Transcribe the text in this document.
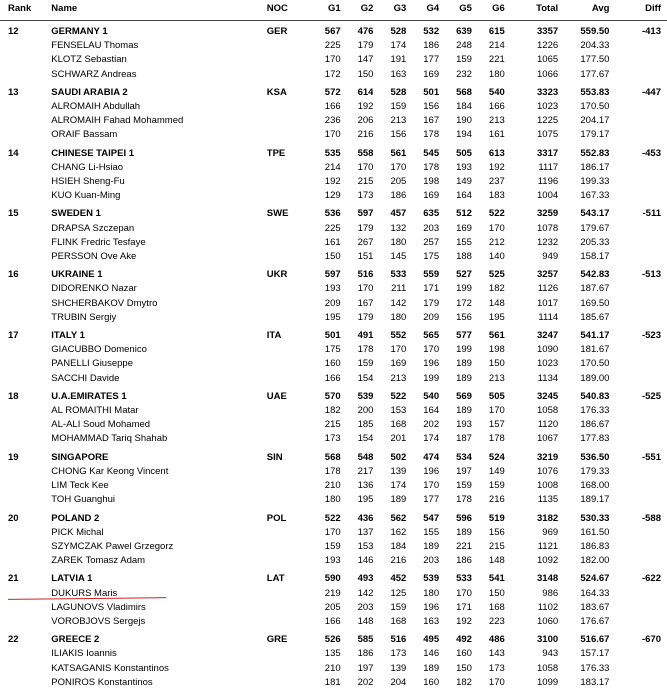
Rank	Name	NOC	G1	G2	G3	G4	G5	G6	Total	Avg	Diff

12	GERMANY 1	GER	567	476	528	532	639	615	3357	559.50	-413
	FENSELAU Thomas		225	179	174	186	248	214	1226	204.33	
	KLOTZ Sebastian		170	147	191	177	159	221	1065	177.50	
	SCHWARZ Andreas		172	150	163	169	232	180	1066	177.67	

13	SAUDI ARABIA 2	KSA	572	614	528	501	568	540	3323	553.83	-447
	ALROMAIH Abdullah		166	192	159	156	184	166	1023	170.50	
	ALROMAIH Fahad Mohammed		236	206	213	167	190	213	1225	204.17	
	ORAIF Bassam		170	216	156	178	194	161	1075	179.17	

14	CHINESE TAIPEI 1	TPE	535	558	561	545	505	613	3317	552.83	-453
	CHANG Li-Hsiao		214	170	170	178	193	192	1117	186.17	
	HSIEH Sheng-Fu		192	215	205	198	149	237	1196	199.33	
	KUO Kuan-Ming		129	173	186	169	164	183	1004	167.33	

15	SWEDEN 1	SWE	536	597	457	635	512	522	3259	543.17	-511
	DRAPSA Szczepan		225	179	132	203	169	170	1078	179.67	
	FLINK Fredric Tesfaye		161	267	180	257	155	212	1232	205.33	
	PERSSON Ove Ake		150	151	145	175	188	140	949	158.17	

16	UKRAINE 1	UKR	597	516	533	559	527	525	3257	542.83	-513
	DIDORENKO Nazar		193	170	211	171	199	182	1126	187.67	
	SHCHERBAKOV Dmytro		209	167	142	179	172	148	1017	169.50	
	TRUBIN Sergiy		195	179	180	209	156	195	1114	185.67	

17	ITALY 1	ITA	501	491	552	565	577	561	3247	541.17	-523
	GIACUBBO Domenico		175	178	170	170	199	198	1090	181.67	
	PANELLI Giuseppe		160	159	169	196	189	150	1023	170.50	
	SACCHI Davide		166	154	213	199	189	213	1134	189.00	

18	U.A.EMIRATES 1	UAE	570	539	522	540	569	505	3245	540.83	-525
	AL ROMAITHI Matar		182	200	153	164	189	170	1058	176.33	
	AL-ALI Soud Mohamed		215	185	168	202	193	157	1120	186.67	
	MOHAMMAD Tariq Shahab		173	154	201	174	187	178	1067	177.83	

19	SINGAPORE	SIN	568	548	502	474	534	524	3219	536.50	-551
	CHONG Kar Keong Vincent		178	217	139	196	197	149	1076	179.33	
	LIM Teck Kee		210	136	174	170	159	159	1008	168.00	
	TOH Guanghui		180	195	189	177	178	216	1135	189.17	

20	POLAND 2	POL	522	436	562	547	596	519	3182	530.33	-588
	PICK Michal		170	137	162	155	189	156	969	161.50	
	SZYMCZAK Pawel Grzegorz		159	153	184	189	221	215	1121	186.83	
	ZAREK Tomasz Adam		193	146	216	203	186	148	1092	182.00	

21	LATVIA 1	LAT	590	493	452	539	533	541	3148	524.67	-622
	DUKURS Maris		219	142	125	180	170	150	986	164.33	
	LAGUNOVS Vladimirs		205	203	159	196	171	168	1102	183.67	
	VOROBJOVS Sergejs		166	148	168	163	192	223	1060	176.67	

22	GREECE 2	GRE	526	585	516	495	492	486	3100	516.67	-670
	ILIAKIS Ioannis		135	186	173	146	160	143	943	157.17	
	KATSAGANIS Konstantinos		210	197	139	189	150	173	1058	176.33	
	PONIROS Konstantinos		181	202	204	160	182	170	1099	183.17	
